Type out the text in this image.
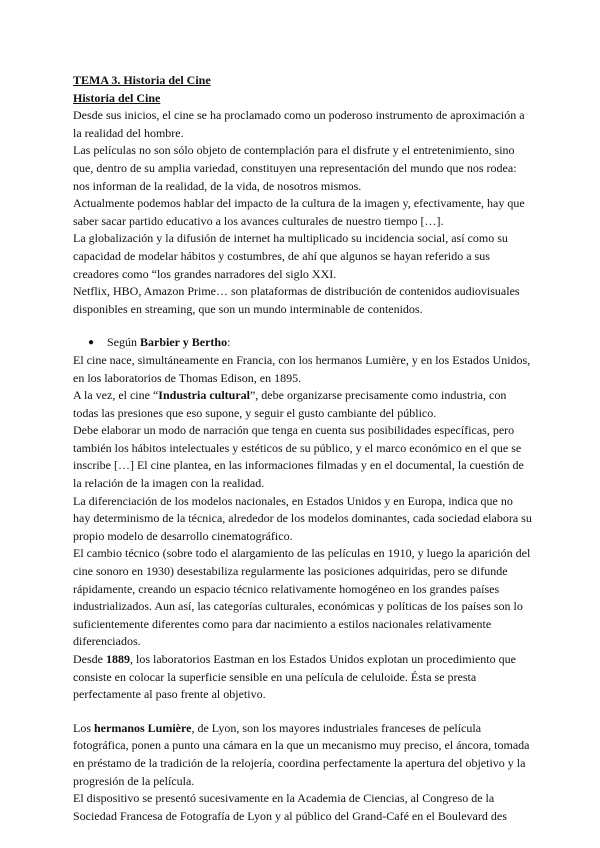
TEMA 3. Historia del Cine

Historia del Cine

Desde sus inicios, el cine se ha proclamado como un poderoso instrumento de aproximación a la realidad del hombre.

Las películas no son sólo objeto de contemplación para el disfrute y el entretenimiento, sino que, dentro de su amplia variedad, constituyen una representación del mundo que nos rodea: nos informan de la realidad, de la vida, de nosotros mismos.

Actualmente podemos hablar del impacto de la cultura de la imagen y, efectivamente, hay que saber sacar partido educativo a los avances culturales de nuestro tiempo […].

La globalización y la difusión de internet ha multiplicado su incidencia social, así como su capacidad de modelar hábitos y costumbres, de ahí que algunos se hayan referido a sus creadores como “los grandes narradores del siglo XXI.

Netflix, HBO, Amazon Prime… son plataformas de distribución de contenidos audiovisuales disponibles en streaming, que son un mundo interminable de contenidos.

● Según Barbier y Bertho:

El cine nace, simultáneamente en Francia, con los hermanos Lumière, y en los Estados Unidos, en los laboratorios de Thomas Edison, en 1895.

A la vez, el cine “Industria cultural”, debe organizarse precisamente como industria, con todas las presiones que eso supone, y seguir el gusto cambiante del público.

Debe elaborar un modo de narración que tenga en cuenta sus posibilidades específicas, pero también los hábitos intelectuales y estéticos de su público, y el marco económico en el que se inscribe […] El cine plantea, en las informaciones filmadas y en el documental, la cuestión de la relación de la imagen con la realidad.

La diferenciación de los modelos nacionales, en Estados Unidos y en Europa, indica que no hay determinismo de la técnica, alrededor de los modelos dominantes, cada sociedad elabora su propio modelo de desarrollo cinematográfico.

El cambio técnico (sobre todo el alargamiento de las películas en 1910, y luego la aparición del cine sonoro en 1930) desestabiliza regularmente las posiciones adquiridas, pero se difunde rápidamente, creando un espacio técnico relativamente homogéneo en los grandes países industrializados. Aun así, las categorías culturales, económicas y políticas de los países son lo suficientemente diferentes como para dar nacimiento a estilos nacionales relativamente diferenciados.

Desde 1889, los laboratorios Eastman en los Estados Unidos explotan un procedimiento que consiste en colocar la superficie sensible en una película de celuloide. Ésta se presta perfectamente al paso frente al objetivo.

Los hermanos Lumière, de Lyon, son los mayores industriales franceses de película fotográfica, ponen a punto una cámara en la que un mecanismo muy preciso, el áncora, tomada en préstamo de la tradición de la relojería, coordina perfectamente la apertura del objetivo y la progresión de la película.

El dispositivo se presentó sucesivamente en la Academia de Ciencias, al Congreso de la Sociedad Francesa de Fotografía de Lyon y al público del Grand-Café en el Boulevard des
